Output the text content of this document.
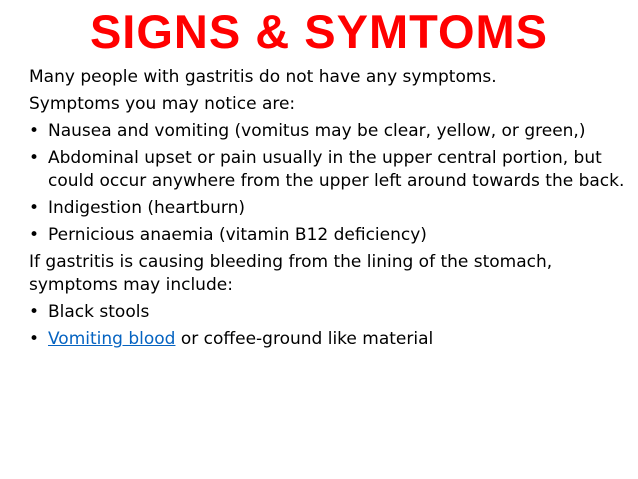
SIGNS & SYMTOMS
Many people with gastritis do not have any symptoms.
Symptoms you may notice are:
• Nausea and vomiting (vomitus may be clear, yellow, or green,)
• Abdominal upset or pain usually in the upper central portion, but could occur anywhere from the upper left around towards the back.
• Indigestion (heartburn)
• Pernicious anaemia (vitamin B12 deficiency)
If gastritis is causing bleeding from the lining of the stomach, symptoms may include:
• Black stools
• Vomiting blood or coffee-ground like material
